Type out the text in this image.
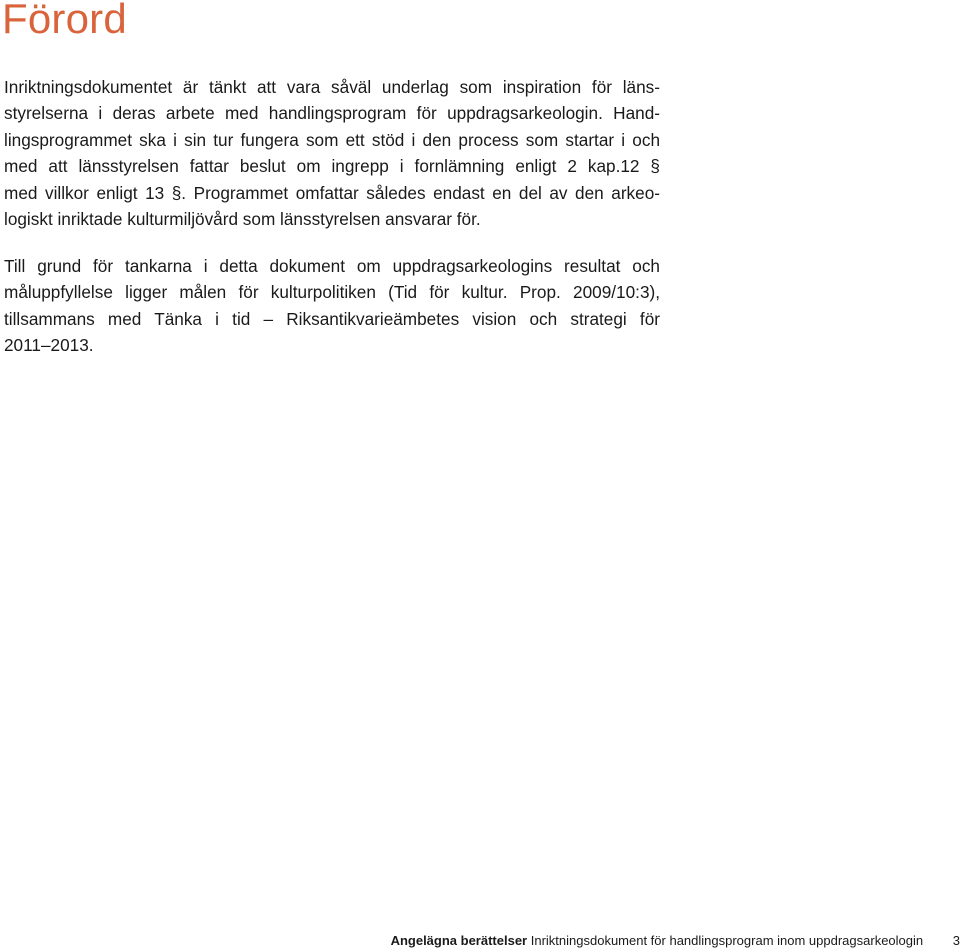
Förord

Inriktningsdokumentet är tänkt att vara såväl underlag som inspiration för läns-
styrelserna i deras arbete med handlingsprogram för uppdragsarkeologin. Hand-
lingsprogrammet ska i sin tur fungera som ett stöd i den process som startar i och
med att länsstyrelsen fattar beslut om ingrepp i fornlämning enligt 2 kap.12 §
med villkor enligt 13 §. Programmet omfattar således endast en del av den arkeo-
logiskt inriktade kulturmiljövård som länsstyrelsen ansvarar för.

Till grund för tankarna i detta dokument om uppdragsarkeologins resultat och
måluppfyllelse ligger målen för kulturpolitiken (Tid för kultur. Prop. 2009/10:3),
tillsammans med Tänka i tid – Riksantikvarieämbetes vision och strategi för
2011–2013.

Angelägna berättelser Inriktningsdokument för handlingsprogram inom uppdragsarkeologin 3
